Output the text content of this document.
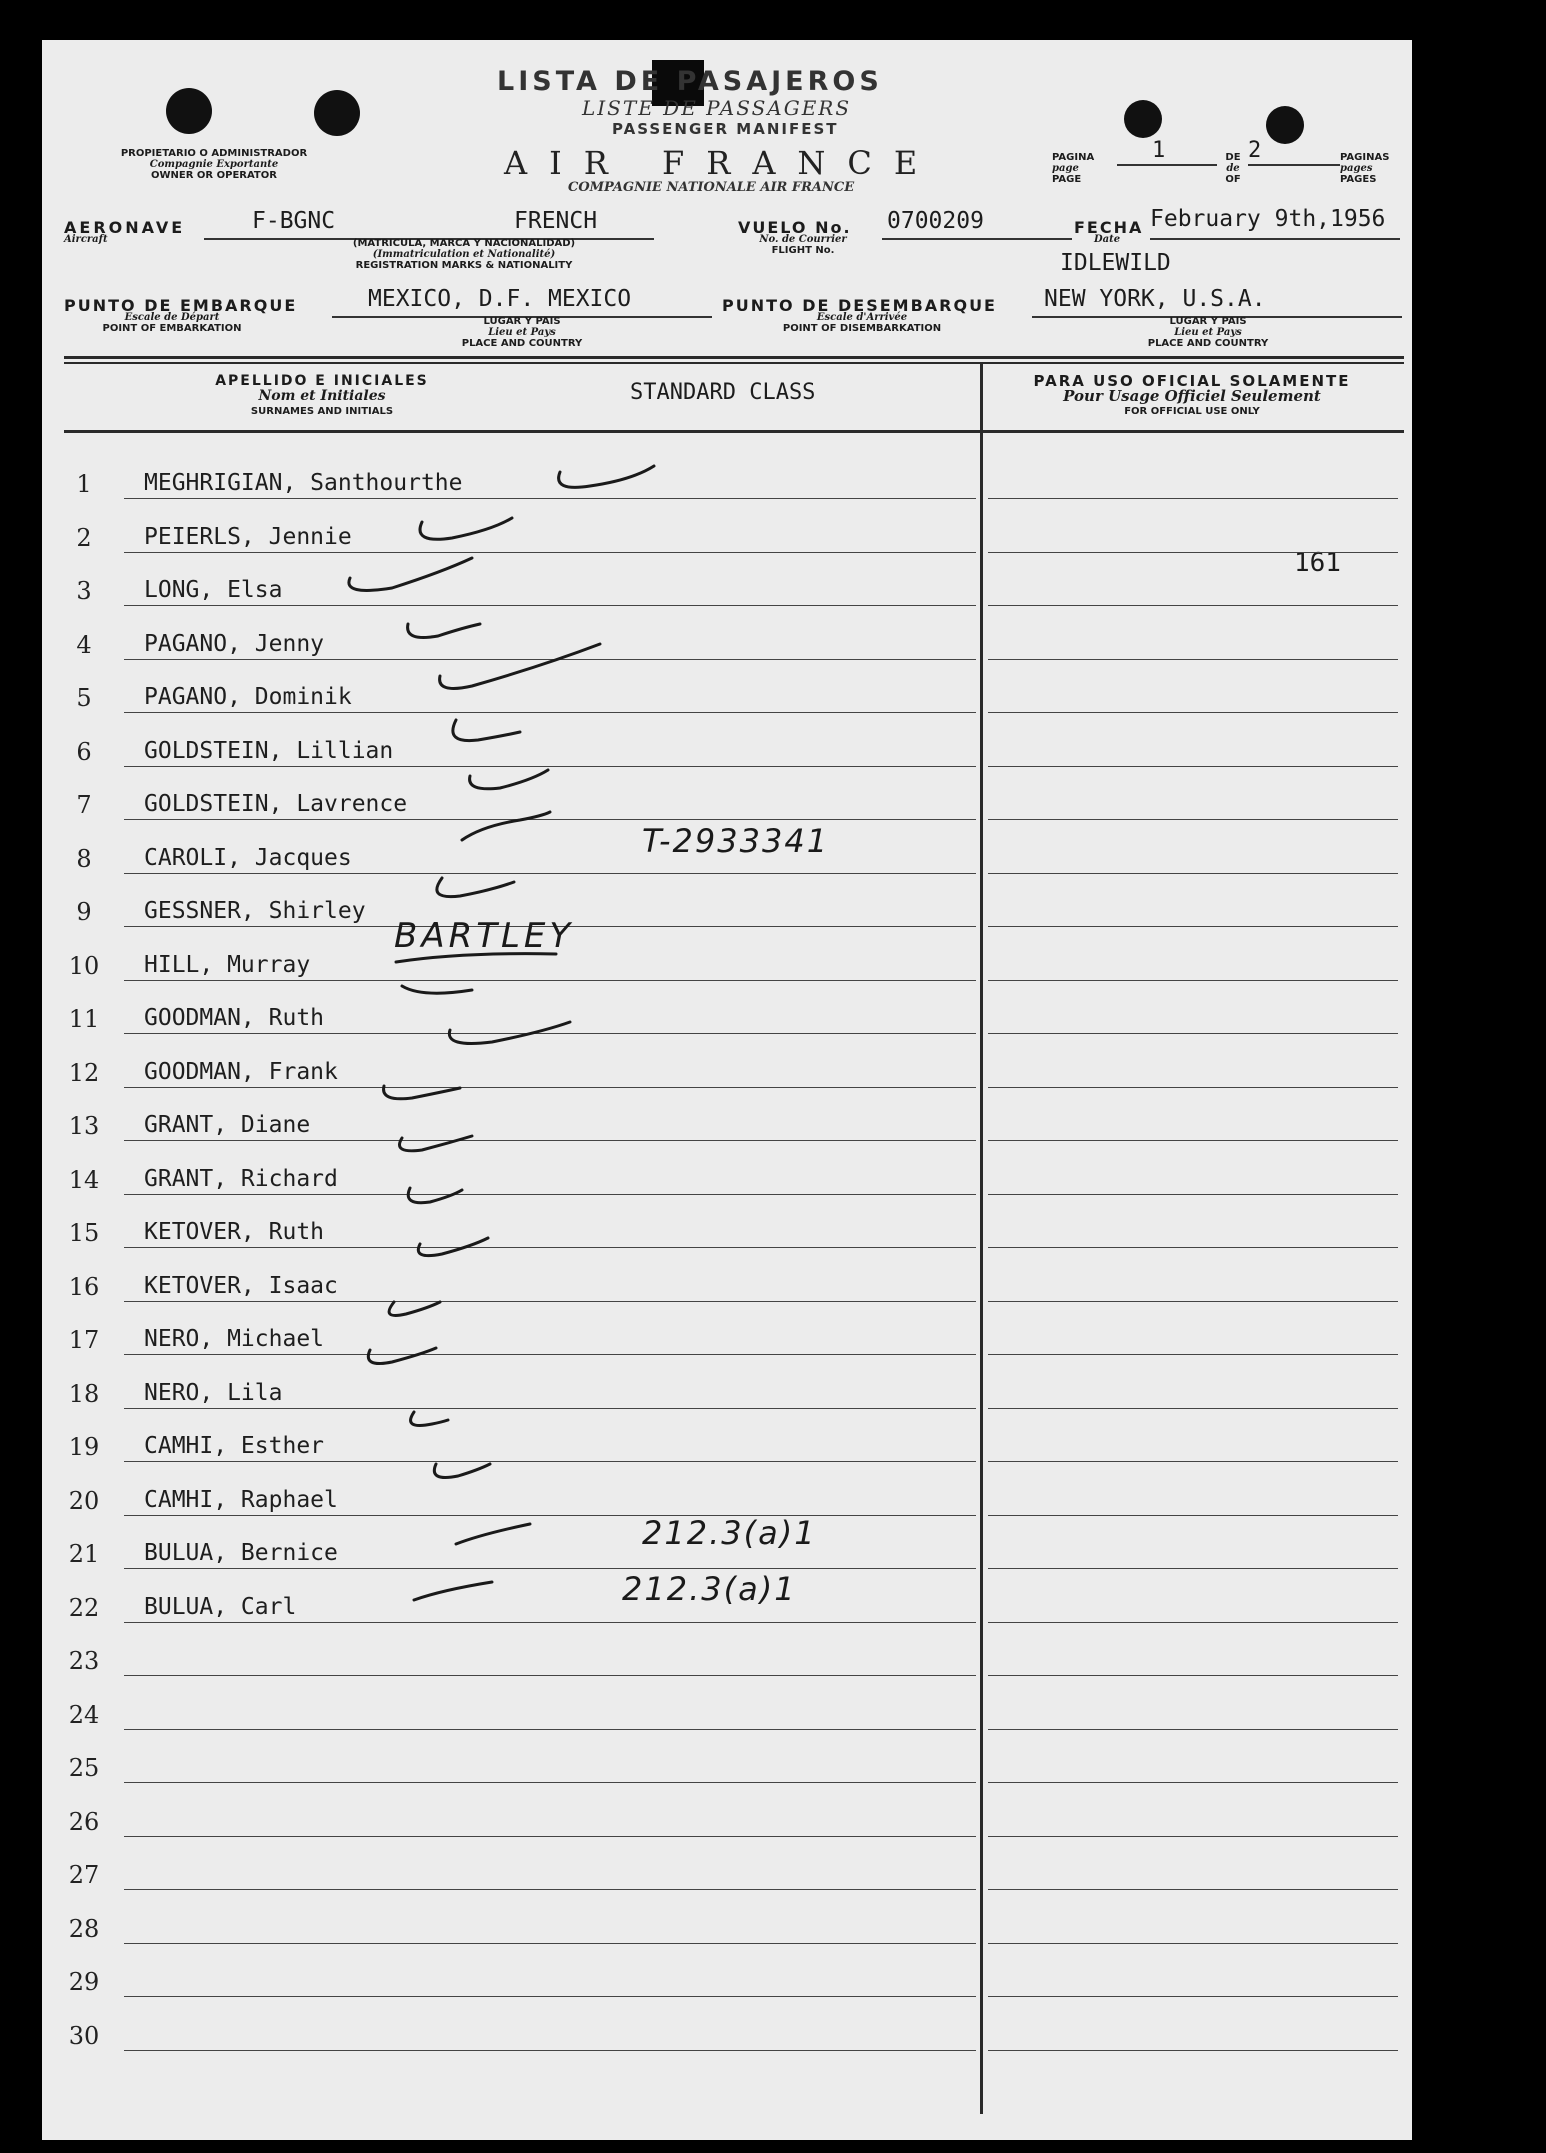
LISTA DE PASAJEROS
LISTE DE PASSAGERS
PASSENGER MANIFEST
AIR FRANCE
COMPAGNIE NATIONALE AIR FRANCE
PROPIETARIO O ADMINISTRADOR
Compagnie Exportante
OWNER OR OPERATOR
PAGINA
page
PAGE
1	DE
de
OF
2	PAGINAS
pages
PAGES
AERONAVE
Aircraft
F-BGNC	FRENCH
(MATRICULA, MARCA Y NACIONALIDAD)
(Immatriculation et Nationalité)
REGISTRATION MARKS & NATIONALITY
VUELO No.
No. de Courrier
FLIGHT No.
0700209	FECHA
Date
February 9th,1956
IDLEWILD
PUNTO DE EMBARQUE
Escale de Départ
POINT OF EMBARKATION
MEXICO, D.F. MEXICO
LUGAR Y PAIS
Lieu et Pays
PLACE AND COUNTRY
PUNTO DE DESEMBARQUE
Escale d'Arrivée
POINT OF DISEMBARKATION
NEW YORK, U.S.A.
LUGAR Y PAIS
Lieu et Pays
PLACE AND COUNTRY
APELLIDO E INICIALES
Nom et Initiales
SURNAMES AND INITIALS
STANDARD CLASS	PARA USO OFICIAL SOLAMENTE
Pour Usage Officiel Seulement
FOR OFFICIAL USE ONLY
161
1	MEGHRIGIAN, Santhourthe
2	PEIERLS, Jennie
3	LONG, Elsa
4	PAGANO, Jenny
5	PAGANO, Dominik
6	GOLDSTEIN, Lillian
7	GOLDSTEIN, Lavrence
8	CAROLI, Jacques
9	GESSNER, Shirley
10 HILL, Murray
11 GOODMAN, Ruth
12 GOODMAN, Frank
13 GRANT, Diane
14 GRANT, Richard
15 KETOVER, Ruth
16 KETOVER, Isaac
17 NERO, Michael
18 NERO, Lila
19 CAMHI, Esther
20 CAMHI, Raphael
21 BULUA, Bernice
22 BULUA, Carl
23
24
25
26
27
28
29
30
T-2933341
BARTLEY
212.3(a)1
212.3(a)1
